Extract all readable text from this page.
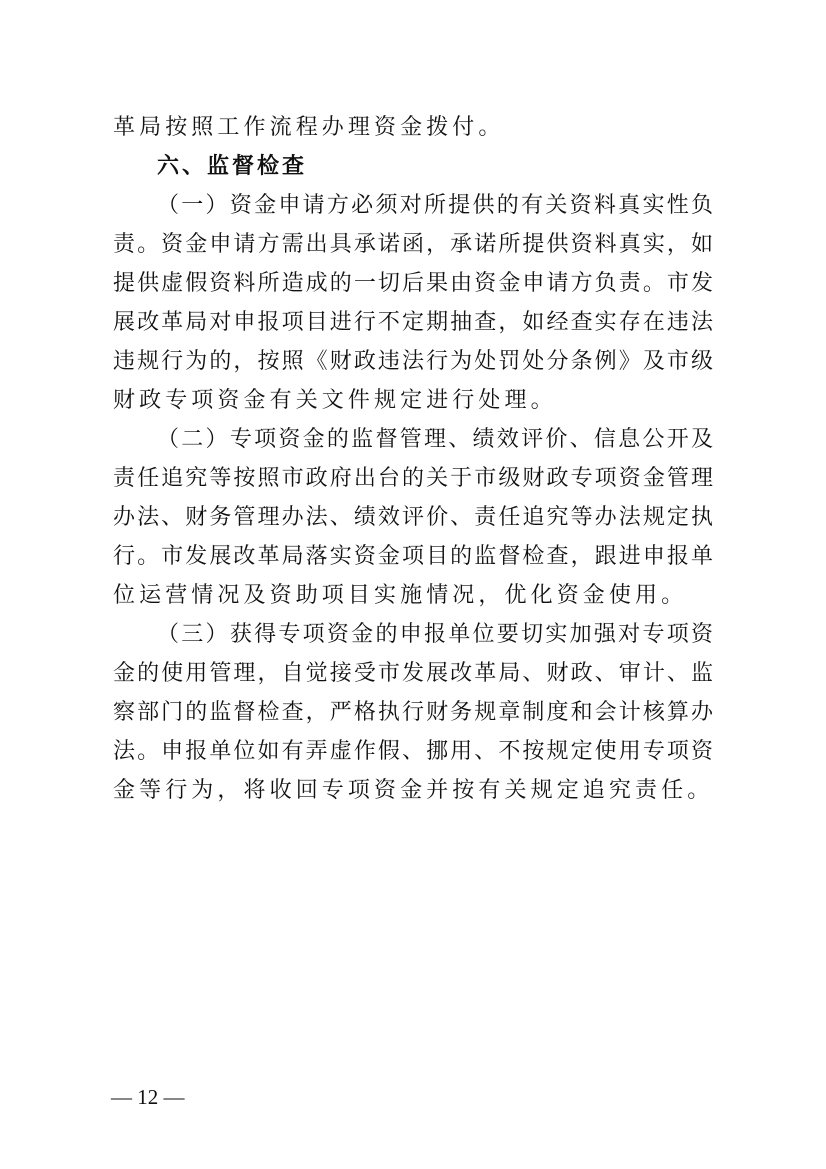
革局按照工作流程办理资金拨付。
六、监督检查
（一）资金申请方必须对所提供的有关资料真实性负
责。资金申请方需出具承诺函，承诺所提供资料真实，如
提供虚假资料所造成的一切后果由资金申请方负责。市发
展改革局对申报项目进行不定期抽查，如经查实存在违法
违规行为的，按照《财政违法行为处罚处分条例》及市级
财政专项资金有关文件规定进行处理。
（二）专项资金的监督管理、绩效评价、信息公开及
责任追究等按照市政府出台的关于市级财政专项资金管理
办法、财务管理办法、绩效评价、责任追究等办法规定执
行。市发展改革局落实资金项目的监督检查，跟进申报单
位运营情况及资助项目实施情况，优化资金使用。
（三）获得专项资金的申报单位要切实加强对专项资
金的使用管理，自觉接受市发展改革局、财政、审计、监
察部门的监督检查，严格执行财务规章制度和会计核算办
法。申报单位如有弄虚作假、挪用、不按规定使用专项资
金等行为，将收回专项资金并按有关规定追究责任。
— 12 —
